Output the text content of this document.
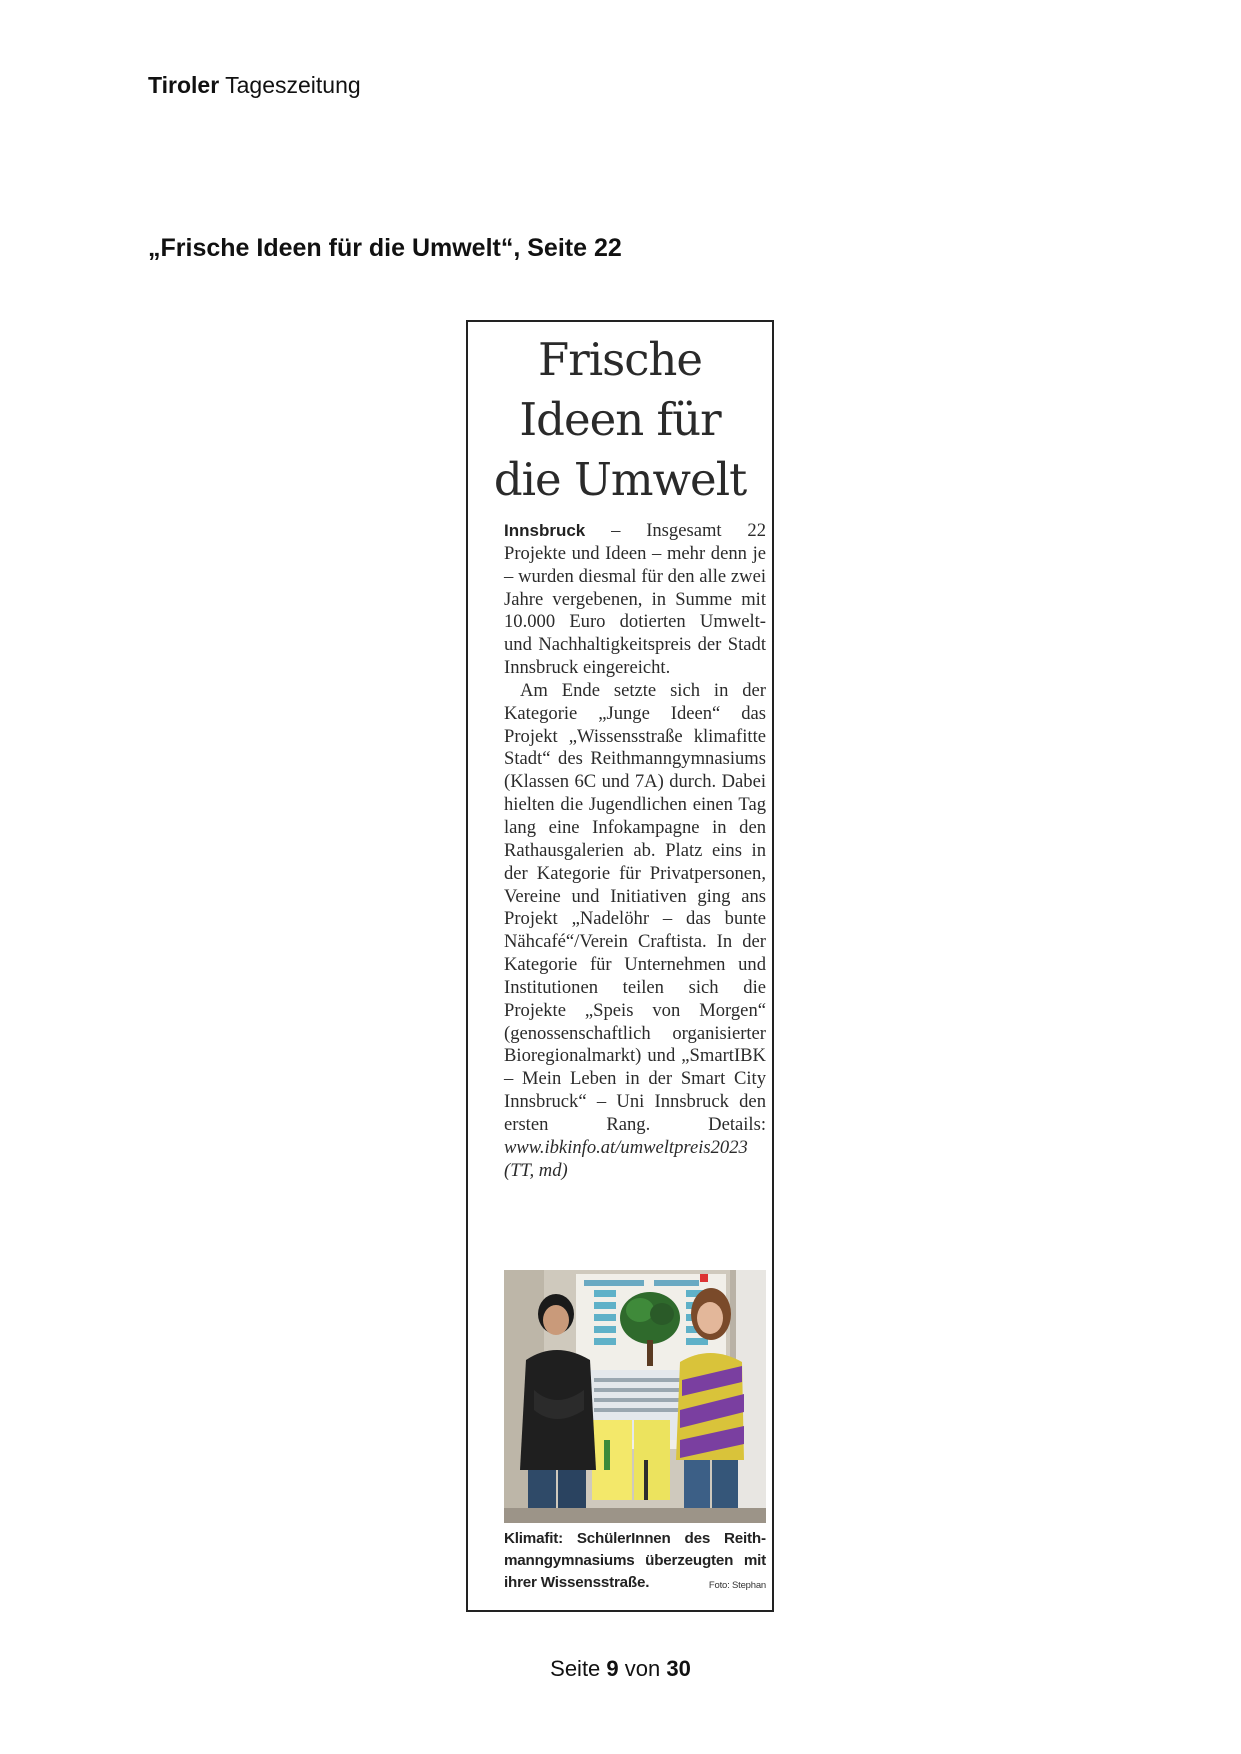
Tiroler Tageszeitung
„Frische Ideen für die Umwelt“, Seite 22
Frische
Ideen für
die Umwelt

Innsbruck – Insgesamt 22 Projekte und Ideen – mehr denn je – wurden diesmal für den alle zwei Jahre vergebenen, in Summe mit 10.000 Euro dotierten Umwelt- und Nachhaltigkeitspreis der Stadt Innsbruck eingereicht.

Am Ende setzte sich in der Kategorie „Junge Ideen“ das Projekt „Wissensstraße klimafitte Stadt“ des Reithmanngymnasiums (Klassen 6C und 7A) durch. Dabei hielten die Jugendlichen einen Tag lang eine Infokampagne in den Rathausgalerien ab. Platz eins in der Kategorie für Privatpersonen, Vereine und Initiativen ging ans Projekt „Nadelöhr – das bunte Nähcafé“/Verein Craftista. In der Kategorie für Unternehmen und Institutionen teilen sich die Projekte „Speis von Morgen“ (genossenschaftlich organisierter Bioregionalmarkt) und „SmartIBK – Mein Leben in der Smart City Innsbruck“ – Uni Innsbruck den ersten Rang. Details: www.ibkinfo.at/umweltpreis2023 (TT, md)

Klimafit: SchülerInnen des Reithmanngymnasiums überzeugten mit ihrer Wissensstraße.	Foto: Stephan
Seite 9 von 30
